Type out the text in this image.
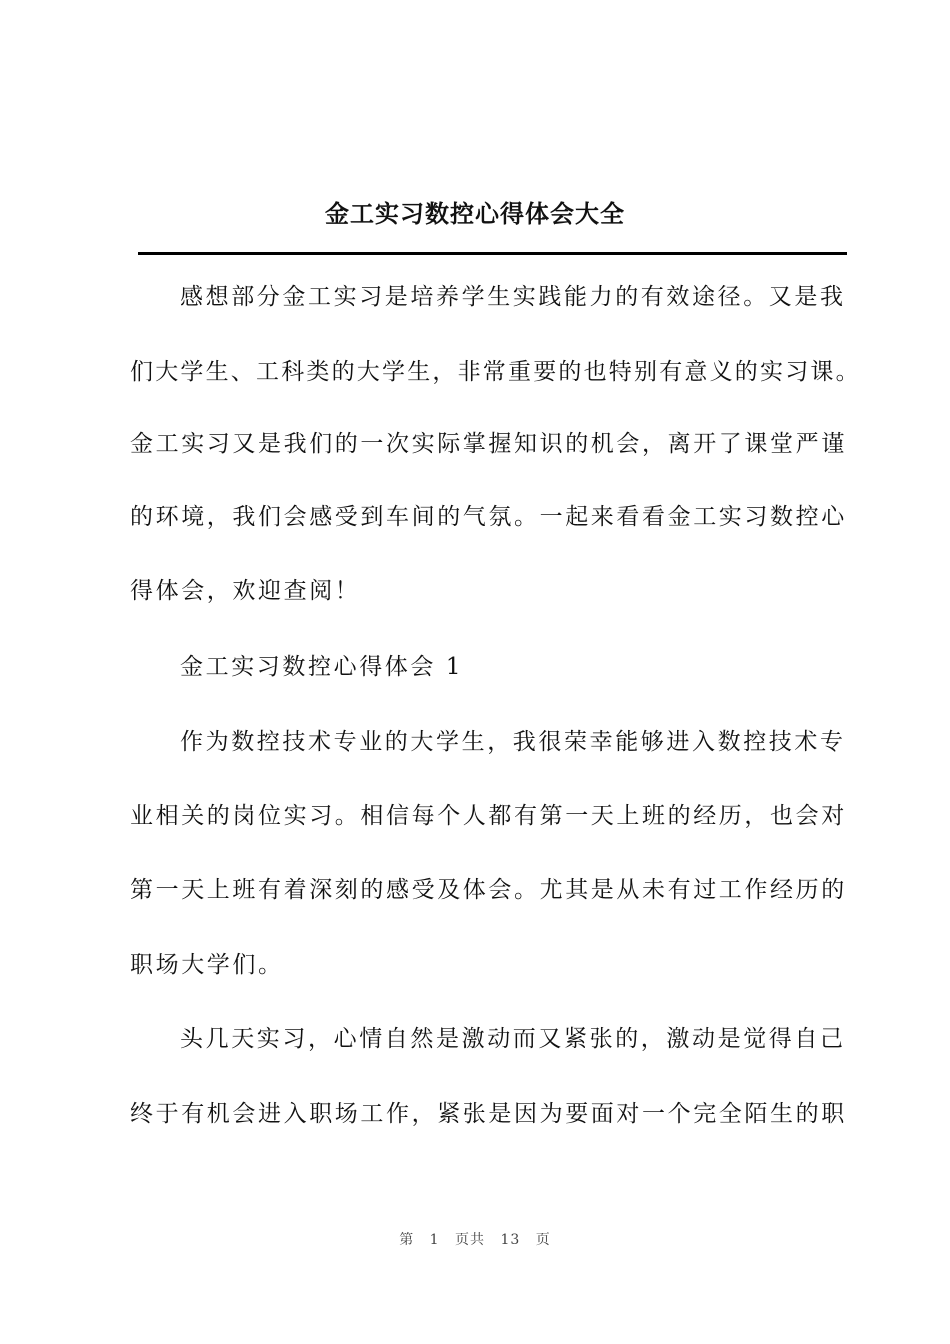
金工实习数控心得体会大全
感想部分金工实习是培养学生实践能力的有效途径。又是我
们大学生、工科类的大学生，非常重要的也特别有意义的实习课。
金工实习又是我们的一次实际掌握知识的机会，离开了课堂严谨
的环境，我们会感受到车间的气氛。一起来看看金工实习数控心
得体会，欢迎查阅！
金工实习数控心得体会 1
作为数控技术专业的大学生，我很荣幸能够进入数控技术专
业相关的岗位实习。相信每个人都有第一天上班的经历，也会对
第一天上班有着深刻的感受及体会。尤其是从未有过工作经历的
职场大学们。
头几天实习，心情自然是激动而又紧张的，激动是觉得自己
终于有机会进入职场工作，紧张是因为要面对一个完全陌生的职
第 1 页共 13 页
